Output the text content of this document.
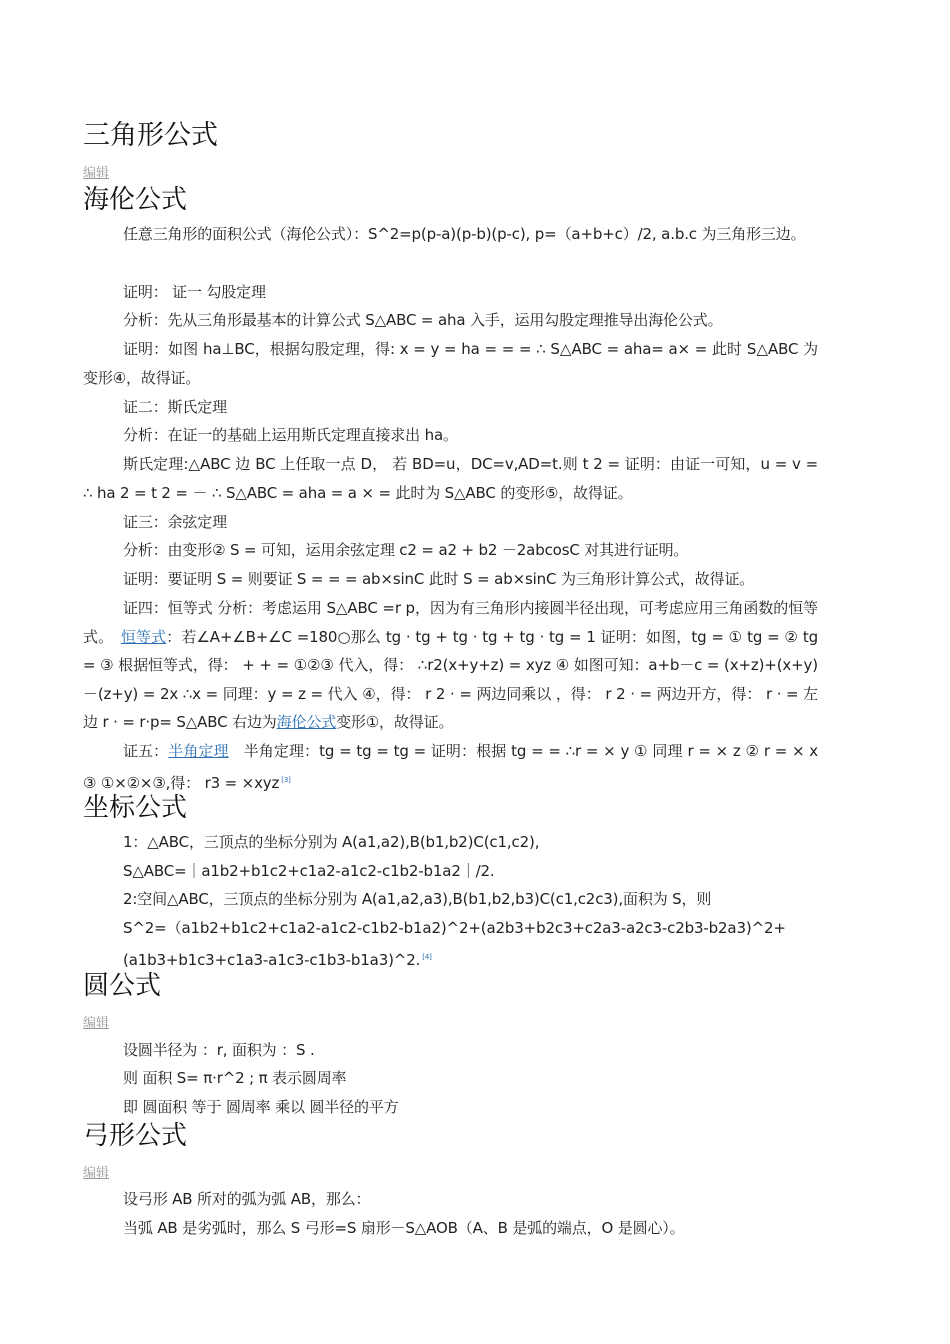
三角形公式
编辑
海伦公式

任意三角形的面积公式（海伦公式）：S^2=p(p-a)(p-b)(p-c), p=（a+b+c）/2, a.b.c 为三角形三边。

证明： 证一 勾股定理

分析：先从三角形最基本的计算公式 S△ABC = aha 入手，运用勾股定理推导出海伦公式。

证明：如图 ha⊥BC，根据勾股定理，得: x = y = ha = = = ∴ S△ABC = aha= a× = 此时 S△ABC 为变形④，故得证。

证二：斯氏定理

分析：在证一的基础上运用斯氏定理直接求出 ha。

斯氏定理:△ABC 边 BC 上任取一点 D， 若 BD=u，DC=v,AD=t.则 t 2 = 证明：由证一可知，u = v = ∴ ha 2 = t 2 = － ∴ S△ABC = aha = a × = 此时为 S△ABC 的变形⑤，故得证。

证三：余弦定理

分析：由变形② S = 可知，运用余弦定理 c2 = a2 + b2 －2abcosC 对其进行证明。

证明：要证明 S = 则要证 S = = = ab×sinC 此时 S = ab×sinC 为三角形计算公式，故得证。

证四：恒等式 分析：考虑运用 S△ABC =r p，因为有三角形内接圆半径出现，可考虑应用三角函数的恒等式。　恒等式：若∠A+∠B+∠C =180○那么 tg · tg + tg · tg + tg · tg = 1 证明：如图，tg = ① tg = ② tg = ③ 根据恒等式，得： + + = ①②③ 代入，得： ∴r2(x+y+z) = xyz ④ 如图可知：a+b－c = (x+z)+(x+y)－(z+y) = 2x ∴x = 同理：y = z = 代入 ④，得： r 2 · = 两边同乘以 ，得： r 2 · = 两边开方，得： r · = 左边 r · = r·p= S△ABC 右边为海伦公式变形①，故得证。

证五：半角定理　半角定理：tg = tg = tg = 证明：根据 tg = = ∴r = × y ① 同理 r = × z ② r = × x ③ ①×②×③,得： r3 = ×xyz [3]

坐标公式

1：△ABC，三顶点的坐标分别为 A(a1,a2),B(b1,b2)C(c1,c2),

S△ABC=｜a1b2+b1c2+c1a2-a1c2-c1b2-b1a2｜/2.

2:空间△ABC，三顶点的坐标分别为 A(a1,a2,a3),B(b1,b2,b3)C(c1,c2c3),面积为 S，则

S^2=（a1b2+b1c2+c1a2-a1c2-c1b2-b1a2)^2+(a2b3+b2c3+c2a3-a2c3-c2b3-b2a3)^2+

(a1b3+b1c3+c1a3-a1c3-c1b3-b1a3)^2. [4]

圆公式
编辑

设圆半径为 ：r, 面积为 ：S .

则 面积 S= π·r^2 ; π 表示圆周率

即 圆面积 等于 圆周率 乘以 圆半径的平方

弓形公式
编辑

设弓形 AB 所对的弧为弧 AB，那么：

当弧 AB 是劣弧时，那么 S 弓形=S 扇形－S△AOB（A、B 是弧的端点，O 是圆心）。
